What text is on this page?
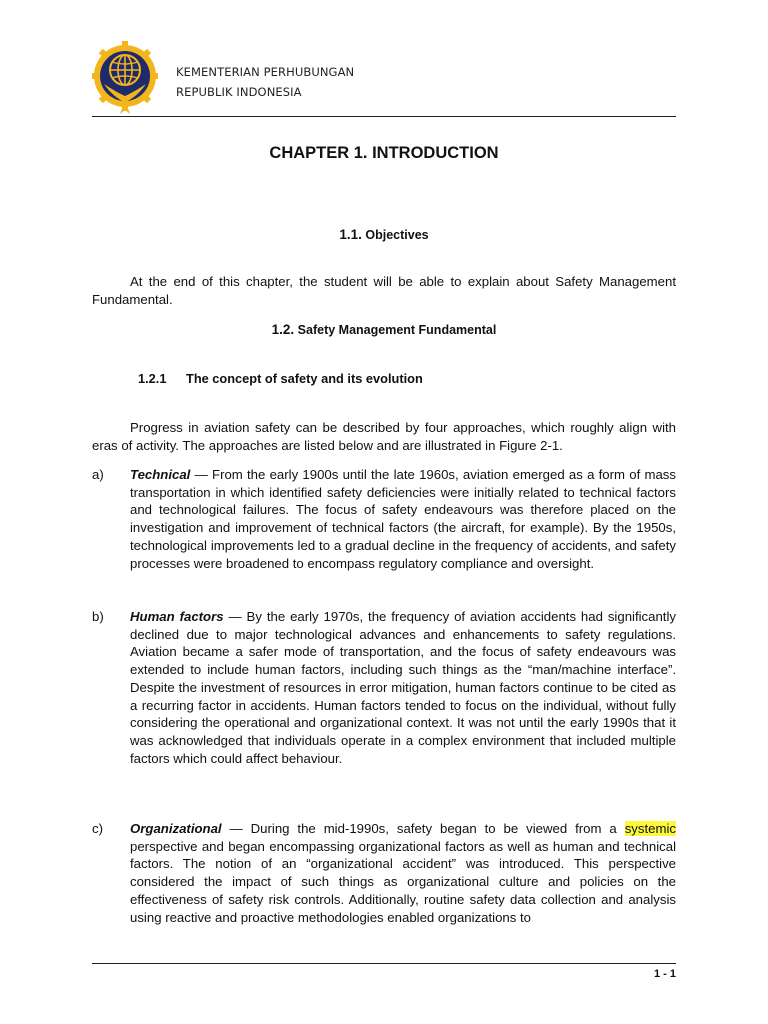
KEMENTERIAN PERHUBUNGAN
REPUBLIK INDONESIA
CHAPTER 1. INTRODUCTION
1.1. Objectives
At the end of this chapter, the student will be able to explain about Safety Management Fundamental.
1.2. Safety Management Fundamental
1.2.1 The concept of safety and its evolution
Progress in aviation safety can be described by four approaches, which roughly align with eras of activity. The approaches are listed below and are illustrated in Figure 2-1.
a) Technical — From the early 1900s until the late 1960s, aviation emerged as a form of mass transportation in which identified safety deficiencies were initially related to technical factors and technological failures. The focus of safety endeavours was therefore placed on the investigation and improvement of technical factors (the aircraft, for example). By the 1950s, technological improvements led to a gradual decline in the frequency of accidents, and safety processes were broadened to encompass regulatory compliance and oversight.
b) Human factors — By the early 1970s, the frequency of aviation accidents had significantly declined due to major technological advances and enhancements to safety regulations. Aviation became a safer mode of transportation, and the focus of safety endeavours was extended to include human factors, including such things as the “man/machine interface”. Despite the investment of resources in error mitigation, human factors continue to be cited as a recurring factor in accidents. Human factors tended to focus on the individual, without fully considering the operational and organizational context. It was not until the early 1990s that it was acknowledged that individuals operate in a complex environment that included multiple factors which could affect behaviour.
c) Organizational — During the mid-1990s, safety began to be viewed from a systemic perspective and began encompassing organizational factors as well as human and technical factors. The notion of an “organizational accident” was introduced. This perspective considered the impact of such things as organizational culture and policies on the effectiveness of safety risk controls. Additionally, routine safety data collection and analysis using reactive and proactive methodologies enabled organizations to
1 - 1
